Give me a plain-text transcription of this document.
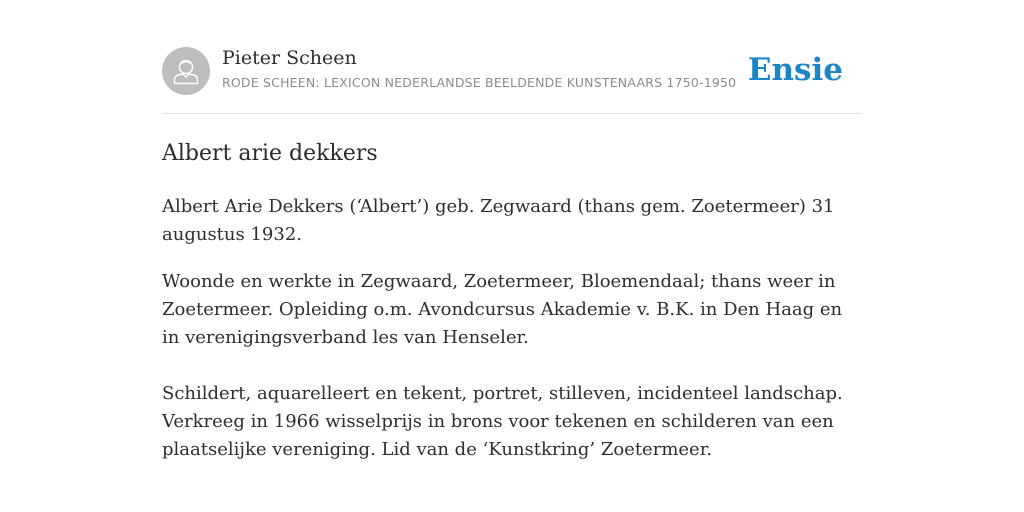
Pieter Scheen
RODE SCHEEN: LEXICON NEDERLANDSE BEELDENDE KUNSTENAARS 1750-1950 Ensie
Albert arie dekkers

Albert Arie Dekkers (‘Albert’) geb. Zegwaard (thans gem. Zoetermeer) 31 augustus 1932.

Woonde en werkte in Zegwaard, Zoetermeer, Bloemendaal; thans weer in Zoetermeer. Opleiding o.m. Avondcursus Akademie v. B.K. in Den Haag en in verenigingsverband les van Henseler.

Schildert, aquarelleert en tekent, portret, stilleven, incidenteel landschap. Verkreeg in 1966 wisselprijs in brons voor tekenen en schilderen van een plaatselijke vereniging. Lid van de ‘Kunstkring’ Zoetermeer.
